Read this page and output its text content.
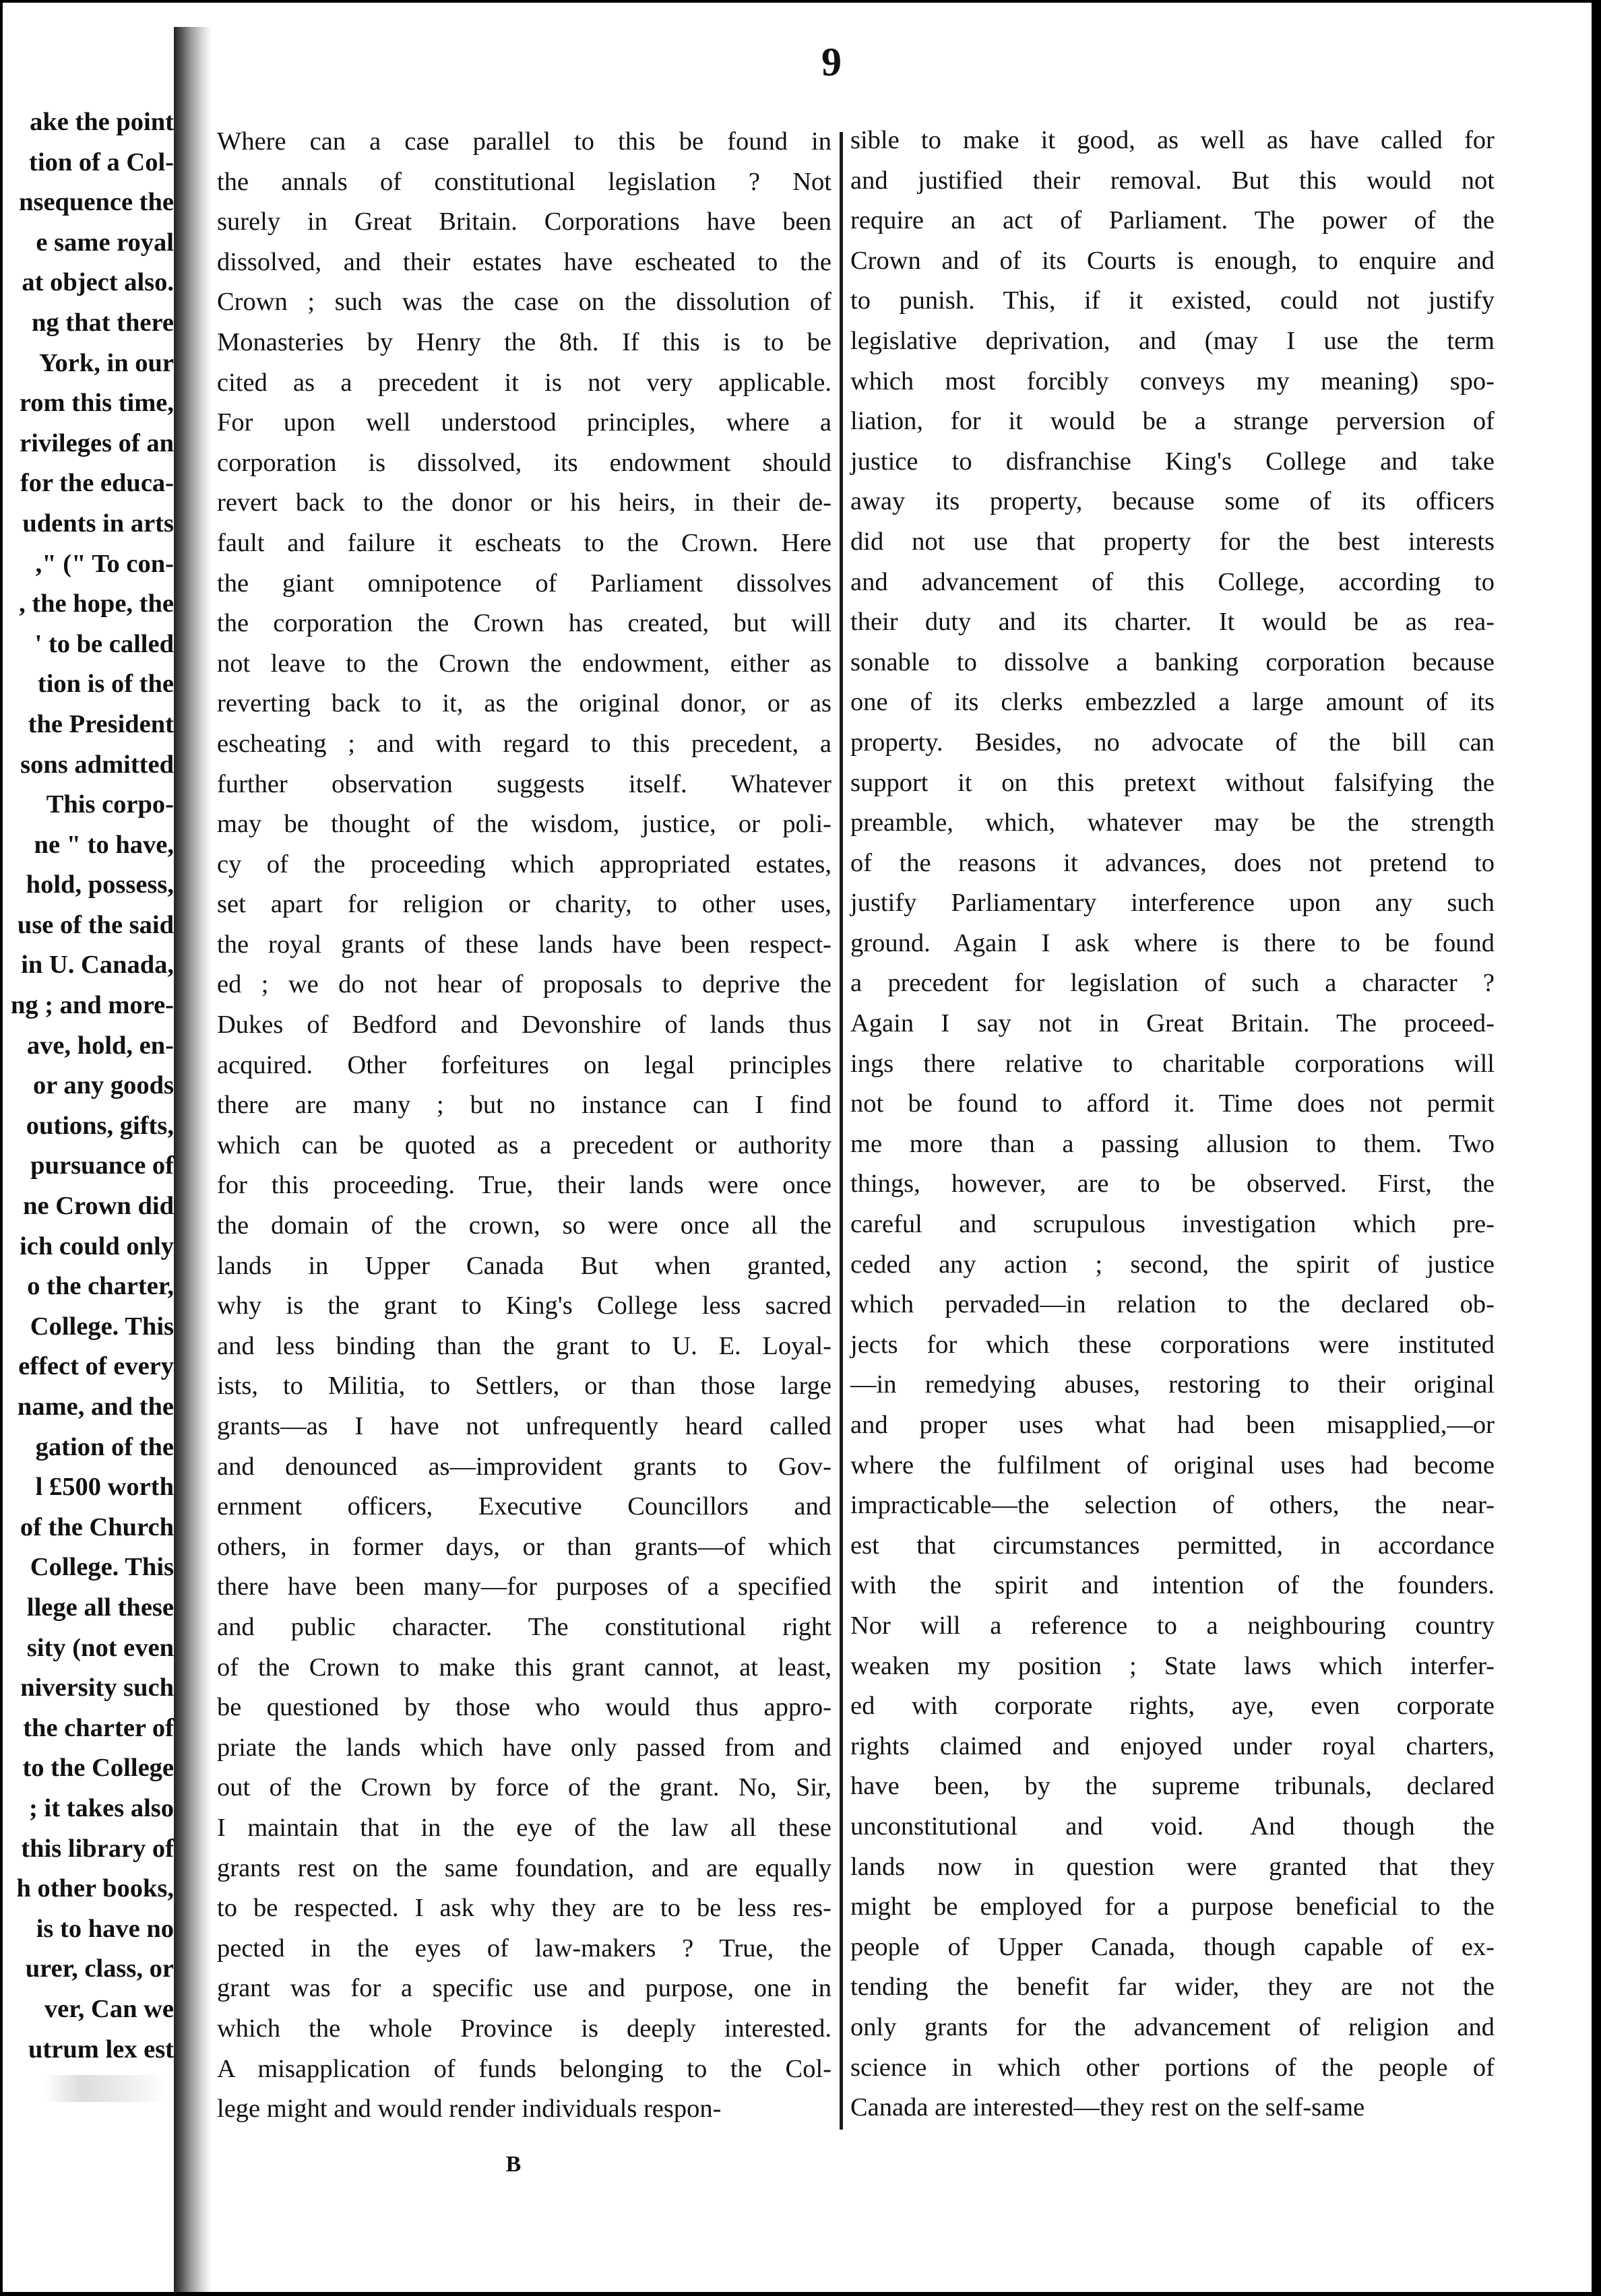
9
ake the point
tion of a Col-
nsequence the
e same royal
at object also.
ng that there
York, in our
rom this time,
rivileges of an
for the educa-
udents in arts
," (" To con-
, the hope, the
' to be called
tion is of the
the President
sons admitted
This corpo-
ne " to have,
hold, possess,
use of the said
in U. Canada,
ng ; and more-
ave, hold, en-
or any goods
outions, gifts,
pursuance of
ne Crown did
ich could only
o the charter,
College. This
effect of every
name, and the
gation of the
l £500 worth
of the Church
College. This
llege all these
sity (not even
niversity such
the charter of
to the College
; it takes also
this library of
h other books,
is to have no
urer, class, or
ver, Can we
utrum lex est
Where can a case parallel to this be found in
the annals of constitutional legislation ? Not
surely in Great Britain. Corporations have been
dissolved, and their estates have escheated to the
Crown ; such was the case on the dissolution of
Monasteries by Henry the 8th. If this is to be
cited as a precedent it is not very applicable.
For upon well understood principles, where a
corporation is dissolved, its endowment should
revert back to the donor or his heirs, in their de-
fault and failure it escheats to the Crown. Here
the giant omnipotence of Parliament dissolves
the corporation the Crown has created, but will
not leave to the Crown the endowment, either as
reverting back to it, as the original donor, or as
escheating ; and with regard to this precedent, a
further observation suggests itself. Whatever
may be thought of the wisdom, justice, or poli-
cy of the proceeding which appropriated estates,
set apart for religion or charity, to other uses,
the royal grants of these lands have been respect-
ed ; we do not hear of proposals to deprive the
Dukes of Bedford and Devonshire of lands thus
acquired. Other forfeitures on legal principles
there are many ; but no instance can I find
which can be quoted as a precedent or authority
for this proceeding. True, their lands were once
the domain of the crown, so were once all the
lands in Upper Canada But when granted,
why is the grant to King's College less sacred
and less binding than the grant to U. E. Loyal-
ists, to Militia, to Settlers, or than those large
grants—as I have not unfrequently heard called
and denounced as—improvident grants to Gov-
ernment officers, Executive Councillors and
others, in former days, or than grants—of which
there have been many—for purposes of a specified
and public character. The constitutional right
of the Crown to make this grant cannot, at least,
be questioned by those who would thus appro-
priate the lands which have only passed from and
out of the Crown by force of the grant. No, Sir,
I maintain that in the eye of the law all these
grants rest on the same foundation, and are equally
to be respected. I ask why they are to be less res-
pected in the eyes of law-makers ? True, the
grant was for a specific use and purpose, one in
which the whole Province is deeply interested.
A misapplication of funds belonging to the Col-
lege might and would render individuals respon-
sible to make it good, as well as have called for
and justified their removal. But this would not
require an act of Parliament. The power of the
Crown and of its Courts is enough, to enquire and
to punish. This, if it existed, could not justify
legislative deprivation, and (may I use the term
which most forcibly conveys my meaning) spo-
liation, for it would be a strange perversion of
justice to disfranchise King's College and take
away its property, because some of its officers
did not use that property for the best interests
and advancement of this College, according to
their duty and its charter. It would be as rea-
sonable to dissolve a banking corporation because
one of its clerks embezzled a large amount of its
property. Besides, no advocate of the bill can
support it on this pretext without falsifying the
preamble, which, whatever may be the strength
of the reasons it advances, does not pretend to
justify Parliamentary interference upon any such
ground. Again I ask where is there to be found
a precedent for legislation of such a character ?
Again I say not in Great Britain. The proceed-
ings there relative to charitable corporations will
not be found to afford it. Time does not permit
me more than a passing allusion to them. Two
things, however, are to be observed. First, the
careful and scrupulous investigation which pre-
ceded any action ; second, the spirit of justice
which pervaded—in relation to the declared ob-
jects for which these corporations were instituted
—in remedying abuses, restoring to their original
and proper uses what had been misapplied,—or
where the fulfilment of original uses had become
impracticable—the selection of others, the near-
est that circumstances permitted, in accordance
with the spirit and intention of the founders.
Nor will a reference to a neighbouring country
weaken my position ; State laws which interfer-
ed with corporate rights, aye, even corporate
rights claimed and enjoyed under royal charters,
have been, by the supreme tribunals, declared
unconstitutional and void. And though the
lands now in question were granted that they
might be employed for a purpose beneficial to the
people of Upper Canada, though capable of ex-
tending the benefit far wider, they are not the
only grants for the advancement of religion and
science in which other portions of the people of
Canada are interested—they rest on the self-same
B
